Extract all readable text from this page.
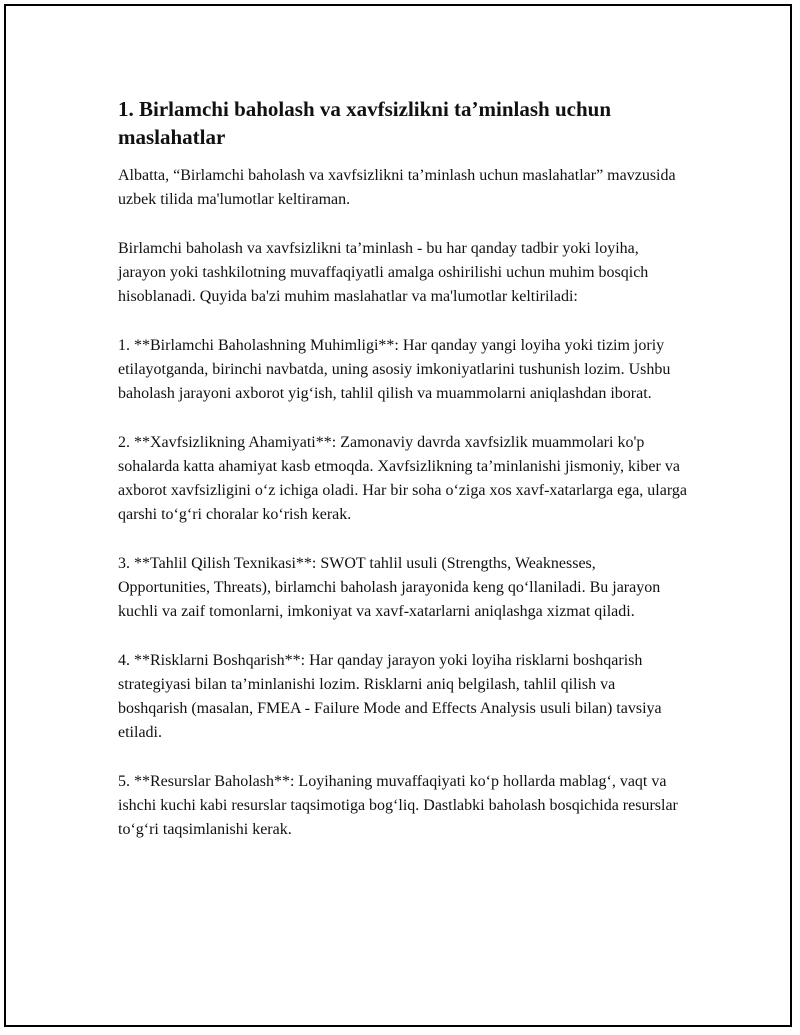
1. Birlamchi baholash va xavfsizlikni ta’minlash uchun maslahatlar

Albatta, “Birlamchi baholash va xavfsizlikni ta’minlash uchun maslahatlar” mavzusida uzbek tilida ma'lumotlar keltiraman.

Birlamchi baholash va xavfsizlikni ta’minlash - bu har qanday tadbir yoki loyiha, jarayon yoki tashkilotning muvaffaqiyatli amalga oshirilishi uchun muhim bosqich hisoblanadi. Quyida ba'zi muhim maslahatlar va ma'lumotlar keltiriladi:

1. **Birlamchi Baholashning Muhimligi**: Har qanday yangi loyiha yoki tizim joriy etilayotganda, birinchi navbatda, uning asosiy imkoniyatlarini tushunish lozim. Ushbu baholash jarayoni axborot yig‘ish, tahlil qilish va muammolarni aniqlashdan iborat.

2. **Xavfsizlikning Ahamiyati**: Zamonaviy davrda xavfsizlik muammolari ko'p sohalarda katta ahamiyat kasb etmoqda. Xavfsizlikning ta’minlanishi jismoniy, kiber va axborot xavfsizligini o‘z ichiga oladi. Har bir soha o‘ziga xos xavf-xatarlarga ega, ularga qarshi to‘g‘ri choralar ko‘rish kerak.

3. **Tahlil Qilish Texnikasi**: SWOT tahlil usuli (Strengths, Weaknesses, Opportunities, Threats), birlamchi baholash jarayonida keng qo‘llaniladi. Bu jarayon kuchli va zaif tomonlarni, imkoniyat va xavf-xatarlarni aniqlashga xizmat qiladi.

4. **Risklarni Boshqarish**: Har qanday jarayon yoki loyiha risklarni boshqarish strategiyasi bilan ta’minlanishi lozim. Risklarni aniq belgilash, tahlil qilish va boshqarish (masalan, FMEA - Failure Mode and Effects Analysis usuli bilan) tavsiya etiladi.

5. **Resurslar Baholash**: Loyihaning muvaffaqiyati ko‘p hollarda mablag‘, vaqt va ishchi kuchi kabi resurslar taqsimotiga bog‘liq. Dastlabki baholash bosqichida resurslar to‘g‘ri taqsimlanishi kerak.
